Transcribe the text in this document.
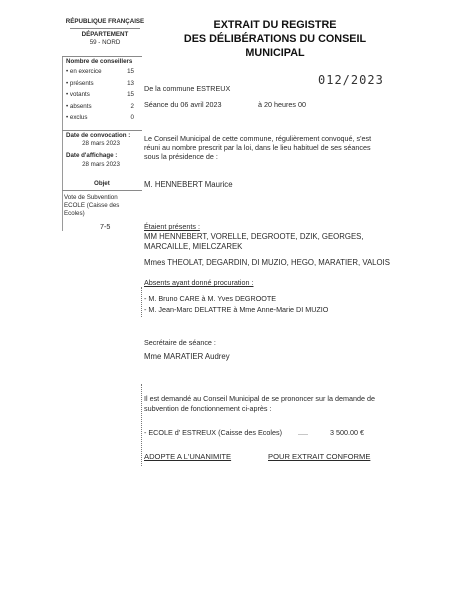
RÉPUBLIQUE FRANÇAISE
DÉPARTEMENT
59 - NORD
EXTRAIT DU REGISTRE
DES DÉLIBÉRATIONS DU CONSEIL
MUNICIPAL
Nombre de conseillers
• en exercice	15
• présents	13
• votants	15
• absents	2
• exclus	0
Date de convocation :
28 mars 2023
Date d'affichage :
28 mars 2023
Objet
Vote de Subvention
ECOLE (Caisse des
Ecoles)
7-5
012/2023
De la commune ESTREUX
Séance du 06 avril 2023	à 20 heures 00
Le Conseil Municipal de cette commune, régulièrement convoqué, s'est
réuni au nombre prescrit par la loi, dans le lieu habituel de ses séances
sous la présidence de :
M. HENNEBERT Maurice
Étaient présents :
MM HENNEBERT, VORELLE, DEGROOTE, DZIK, GEORGES,
MARCAILLE, MIELCZAREK
Mmes THEOLAT, DEGARDIN, DI MUZIO, HEGO, MARATIER, VALOIS
Absents ayant donné procuration :
- M. Bruno CARE à M. Yves DEGROOTE
- M. Jean-Marc DELATTRE à Mme Anne-Marie DI MUZIO
Secrétaire de séance :
Mme MARATIER Audrey
Il est demandé au Conseil Municipal de se prononcer sur la demande de
subvention de fonctionnement ci-après :
- ECOLE d' ESTREUX (Caisse des Ecoles) .....	3 500.00 €
ADOPTE A L'UNANIMITE	POUR EXTRAIT CONFORME
